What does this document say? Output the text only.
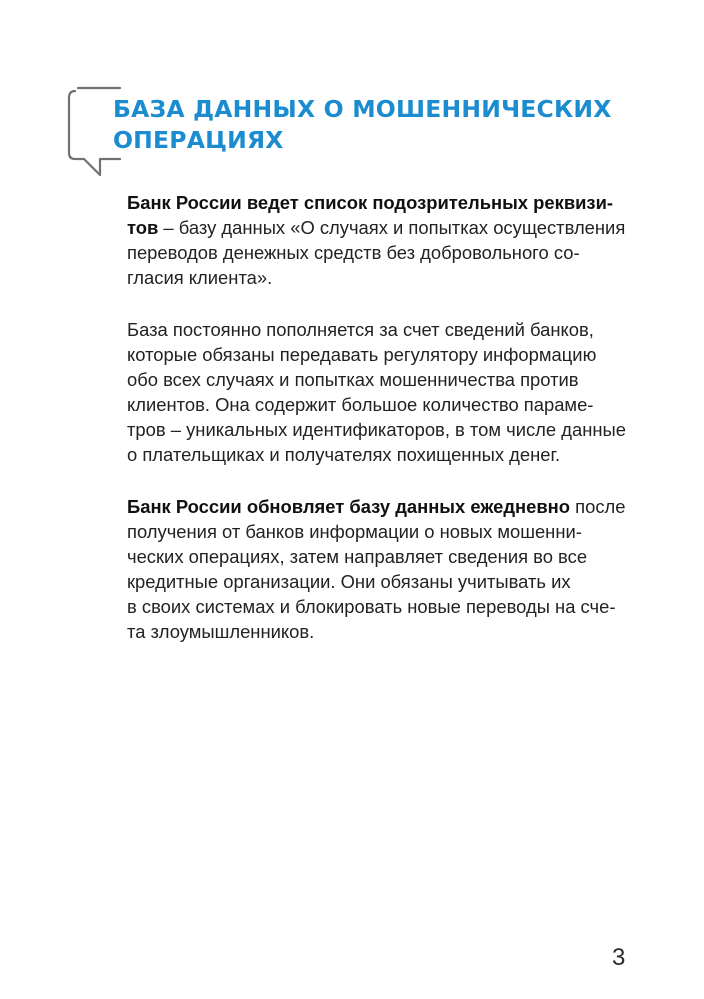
БАЗА ДАННЫХ О МОШЕННИЧЕСКИХ
ОПЕРАЦИЯХ

Банк России ведет список подозрительных реквизи-
тов – базу данных «О случаях и попытках осуществления
переводов денежных средств без добровольного со-
гласия клиента».

База постоянно пополняется за счет сведений банков,
которые обязаны передавать регулятору информацию
обо всех случаях и попытках мошенничества против
клиентов. Она содержит большое количество параме-
тров – уникальных идентификаторов, в том числе данные
о плательщиках и получателях похищенных денег.

Банк России обновляет базу данных ежедневно после
получения от банков информации о новых мошенни-
ческих операциях, затем направляет сведения во все
кредитные организации. Они обязаны учитывать их
в своих системах и блокировать новые переводы на сче-
та злоумышленников.

3
